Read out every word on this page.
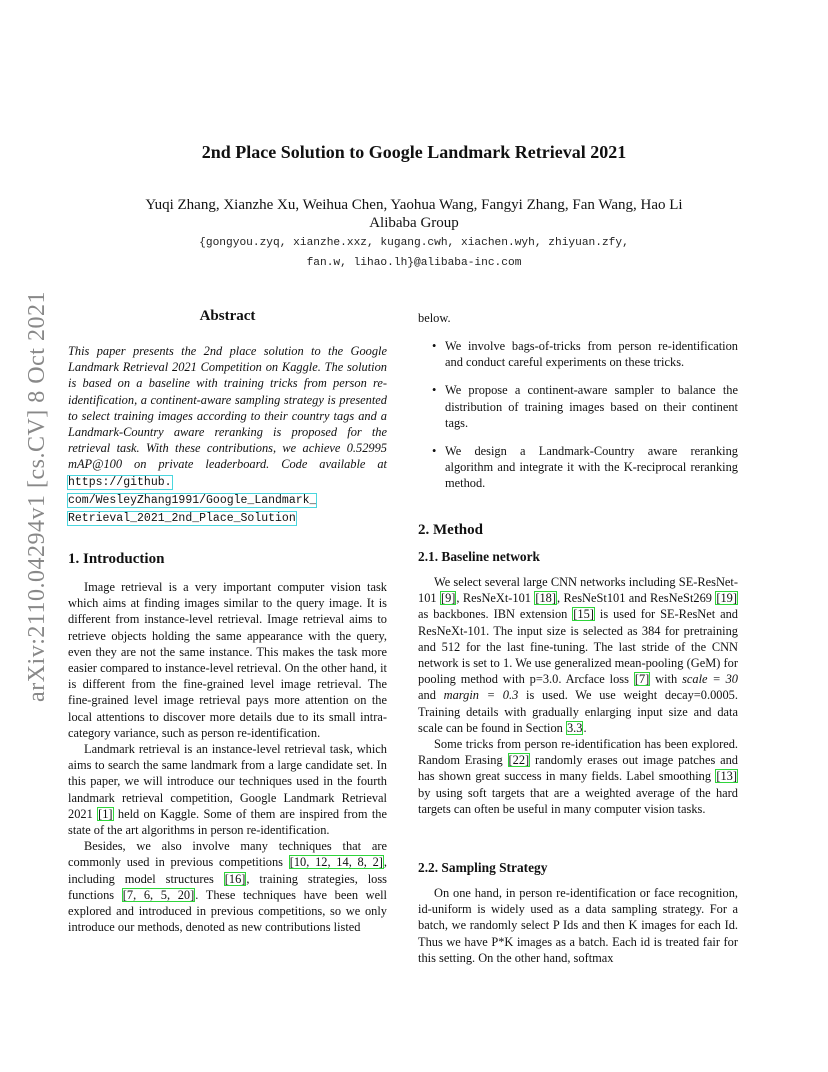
arXiv:2110.04294v1 [cs.CV] 8 Oct 2021
2nd Place Solution to Google Landmark Retrieval 2021
Yuqi Zhang, Xianzhe Xu, Weihua Chen, Yaohua Wang, Fangyi Zhang, Fan Wang, Hao Li
Alibaba Group
{gongyou.zyq, xianzhe.xxz, kugang.cwh, xiachen.wyh, zhiyuan.zfy,
fan.w, lihao.lh}@alibaba-inc.com
Abstract
This paper presents the 2nd place solution to the Google Landmark Retrieval 2021 Competition on Kaggle. The solution is based on a baseline with training tricks from person re-identification, a continent-aware sampling strategy is presented to select training images according to their country tags and a Landmark-Country aware reranking is proposed for the retrieval task. With these contributions, we achieve 0.52995 mAP@100 on private leaderboard. Code available at https://github. com/WesleyZhang1991/Google_Landmark_ Retrieval_2021_2nd_Place_Solution
1. Introduction

Image retrieval is a very important computer vision task which aims at finding images similar to the query image. It is different from instance-level retrieval. Image retrieval aims to retrieve objects holding the same appearance with the query, even they are not the same instance. This makes the task more easier compared to instance-level retrieval. On the other hand, it is different from the fine-grained level image retrieval. The fine-grained level image retrieval pays more attention on the local attentions to discover more details due to its small intra-category variance, such as person re-identification.

Landmark retrieval is an instance-level retrieval task, which aims to search the same landmark from a large candidate set. In this paper, we will introduce our techniques used in the fourth landmark retrieval competition, Google Landmark Retrieval 2021 [1] held on Kaggle. Some of them are inspired from the state of the art algorithms in person re-identification.

Besides, we also involve many techniques that are commonly used in previous competitions [10, 12, 14, 8, 2], including model structures [16], training strategies, loss functions [7, 6, 5, 20]. These techniques have been well explored and introduced in previous competitions, so we only introduce our methods, denoted as new contributions listed

below.
• We involve bags-of-tricks from person re-identification and conduct careful experiments on these tricks.
• We propose a continent-aware sampler to balance the distribution of training images based on their continent tags.
• We design a Landmark-Country aware reranking algorithm and integrate it with the K-reciprocal reranking method.
2. Method
2.1. Baseline network

We select several large CNN networks including SE-ResNet-101 [9], ResNeXt-101 [18], ResNeSt101 and ResNeSt269 [19] as backbones. IBN extension [15] is used for SE-ResNet and ResNeXt-101. The input size is selected as 384 for pretraining and 512 for the last fine-tuning. The last stride of the CNN network is set to 1. We use generalized mean-pooling (GeM) for pooling method with p=3.0. Arcface loss [7] with scale = 30 and margin = 0.3 is used. We use weight decay=0.0005. Training details with gradually enlarging input size and data scale can be found in Section 3.3.

Some tricks from person re-identification has been explored. Random Erasing [22] randomly erases out image patches and has shown great success in many fields. Label smoothing [13] by using soft targets that are a weighted average of the hard targets can often be useful in many computer vision tasks.

2.2. Sampling Strategy

On one hand, in person re-identification or face recognition, id-uniform is widely used as a data sampling strategy. For a batch, we randomly select P Ids and then K images for each Id. Thus we have P*K images as a batch. Each id is treated fair for this setting. On the other hand, softmax
